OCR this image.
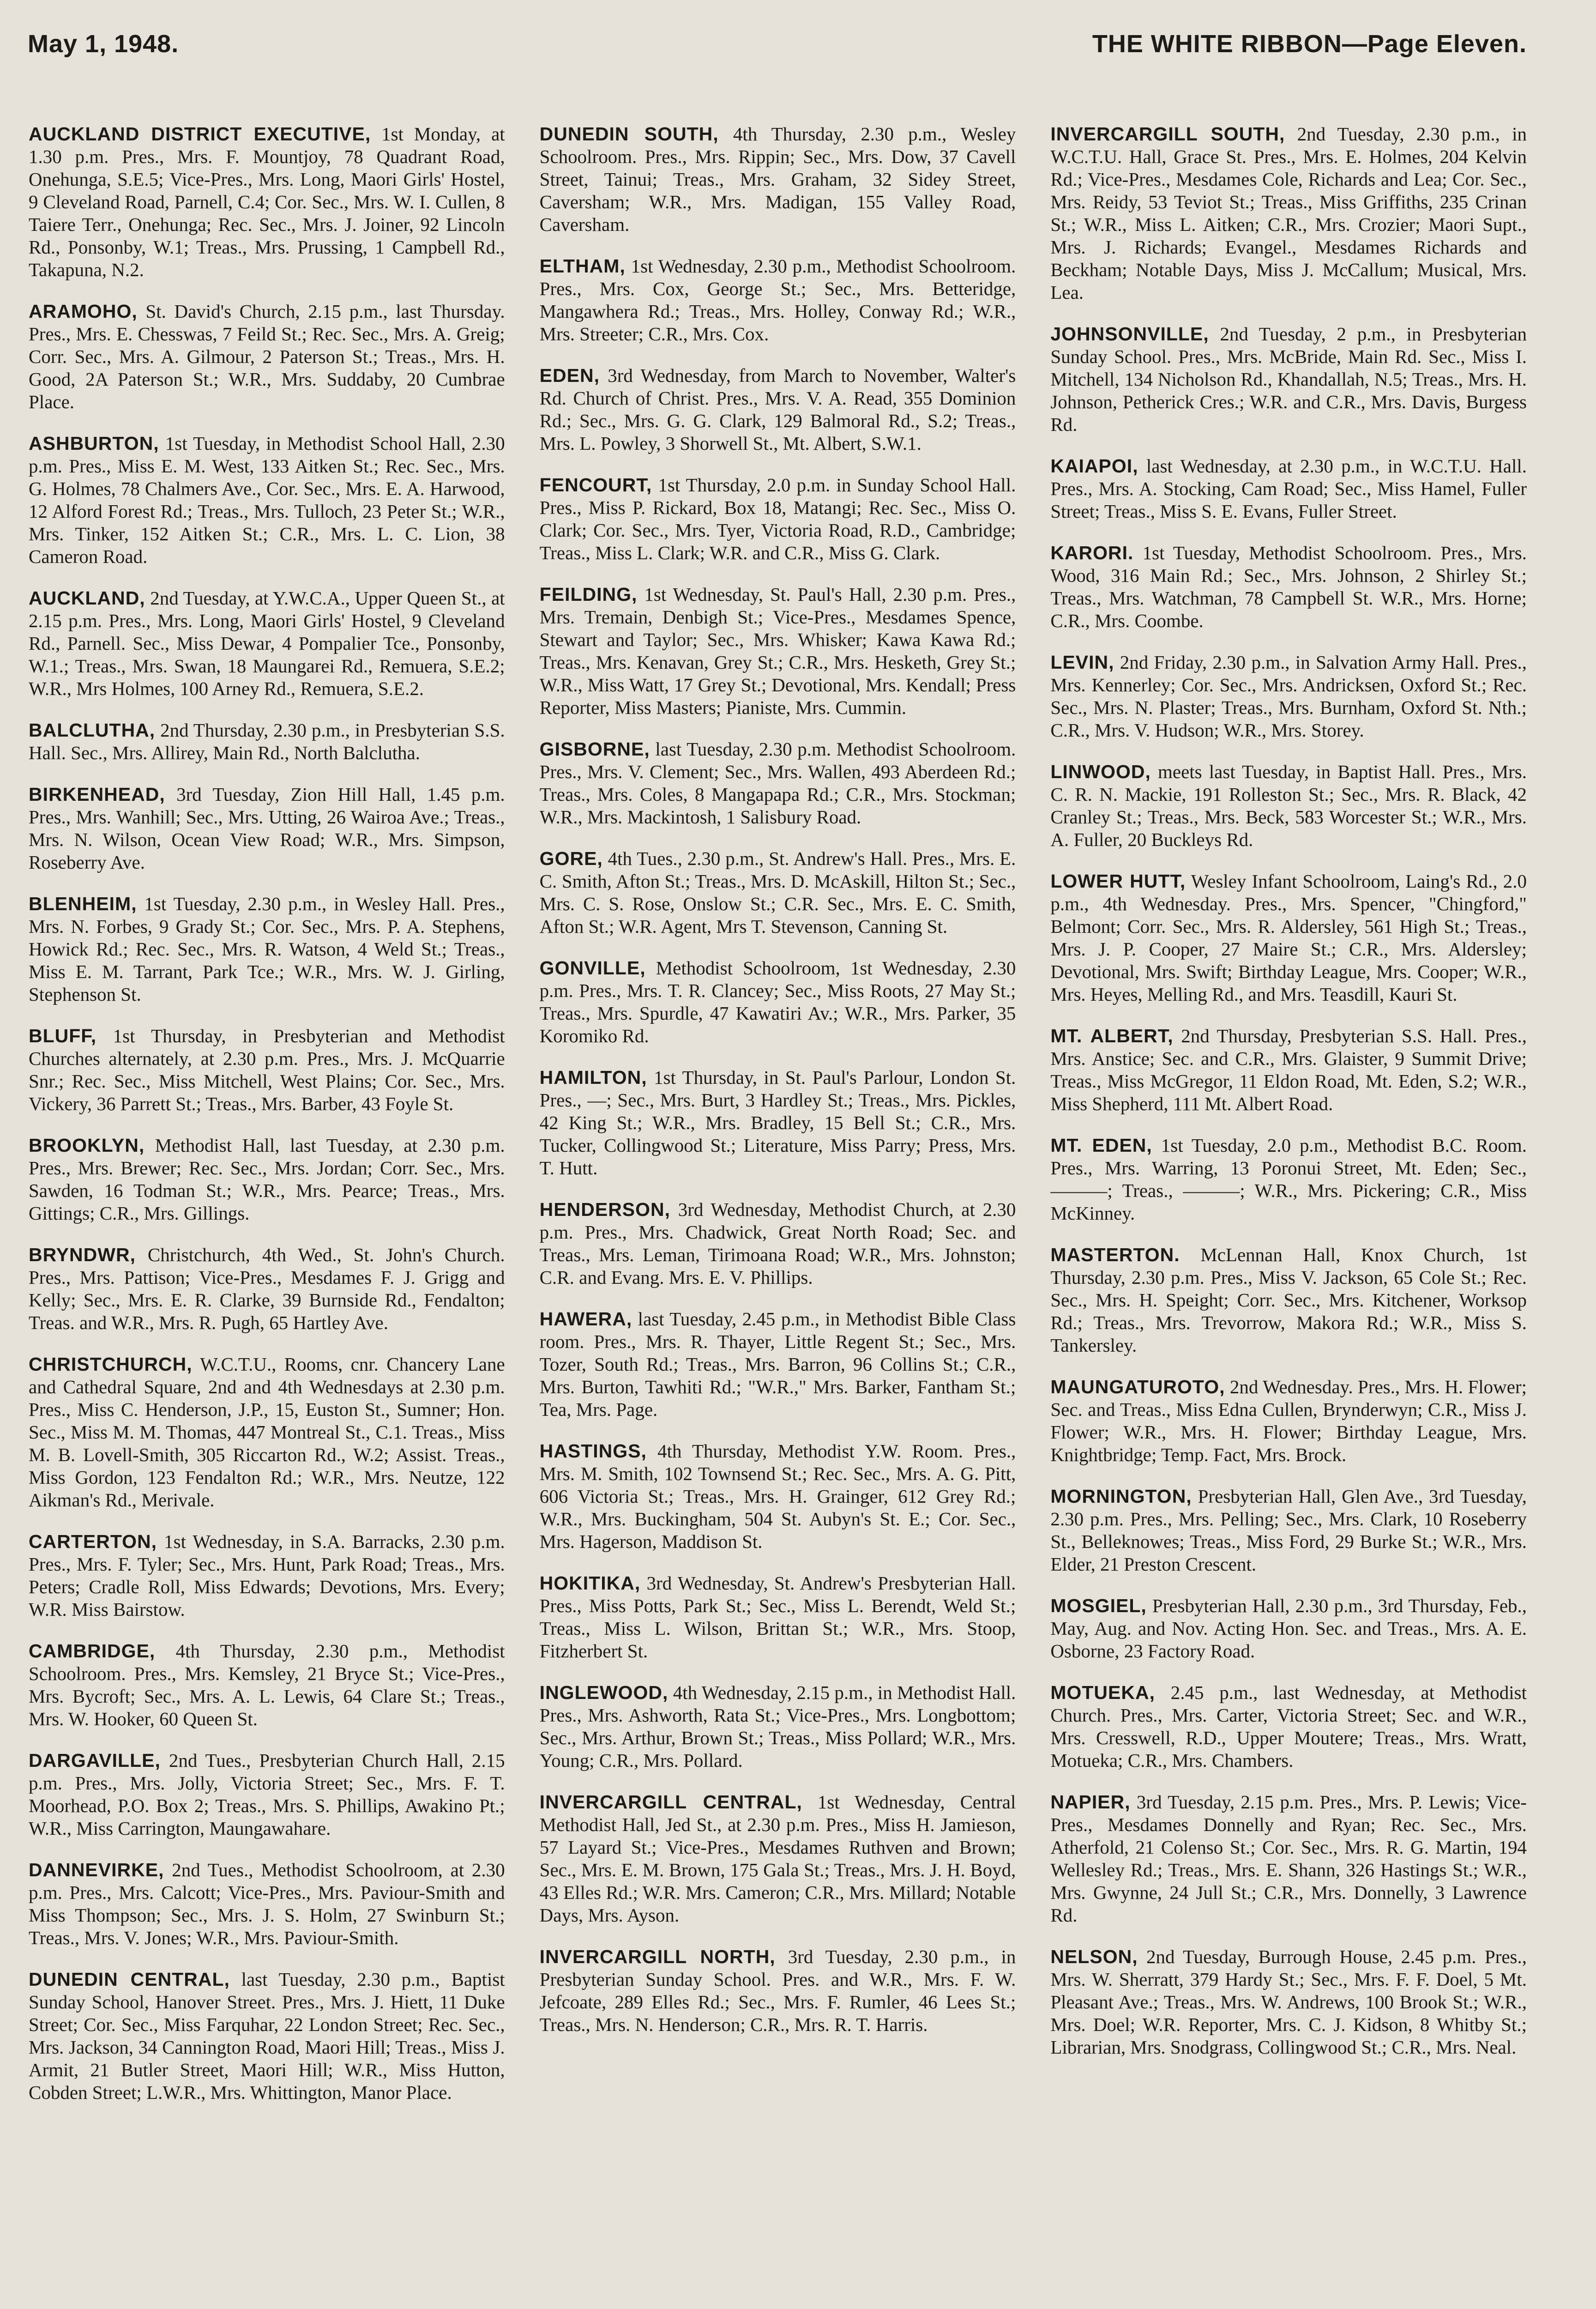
May 1, 1948.	THE WHITE RIBBON—Page Eleven.

AUCKLAND DISTRICT EXECUTIVE, 1st Monday, at 1.30 p.m. Pres., Mrs. F. Mountjoy, 78 Quadrant Road, Onehunga, S.E.5; Vice-Pres., Mrs. Long, Maori Girls' Hostel, 9 Cleveland Road, Parnell, C.4; Cor. Sec., Mrs. W. I. Cullen, 8 Taiere Terr., Onehunga; Rec. Sec., Mrs. J. Joiner, 92 Lincoln Rd., Ponsonby, W.1; Treas., Mrs. Prussing, 1 Campbell Rd., Takapuna, N.2.

ARAMOHO, St. David's Church, 2.15 p.m., last Thursday. Pres., Mrs. E. Chesswas, 7 Feild St.; Rec. Sec., Mrs. A. Greig; Corr. Sec., Mrs. A. Gilmour, 2 Paterson St.; Treas., Mrs. H. Good, 2A Paterson St.; W.R., Mrs. Suddaby, 20 Cumbrae Place.

ASHBURTON, 1st Tuesday, in Methodist School Hall, 2.30 p.m. Pres., Miss E. M. West, 133 Aitken St.; Rec. Sec., Mrs. G. Holmes, 78 Chalmers Ave., Cor. Sec., Mrs. E. A. Harwood, 12 Alford Forest Rd.; Treas., Mrs. Tulloch, 23 Peter St.; W.R., Mrs. Tinker, 152 Aitken St.; C.R., Mrs. L. C. Lion, 38 Cameron Road.

AUCKLAND, 2nd Tuesday, at Y.W.C.A., Upper Queen St., at 2.15 p.m. Pres., Mrs. Long, Maori Girls' Hostel, 9 Cleveland Rd., Parnell. Sec., Miss Dewar, 4 Pompalier Tce., Ponsonby, W.1.; Treas., Mrs. Swan, 18 Maungarei Rd., Remuera, S.E.2; W.R., Mrs Holmes, 100 Arney Rd., Remuera, S.E.2.

BALCLUTHA, 2nd Thursday, 2.30 p.m., in Presbyterian S.S. Hall. Sec., Mrs. Allirey, Main Rd., North Balclutha.

BIRKENHEAD, 3rd Tuesday, Zion Hill Hall, 1.45 p.m. Pres., Mrs. Wanhill; Sec., Mrs. Utting, 26 Wairoa Ave.; Treas., Mrs. N. Wilson, Ocean View Road; W.R., Mrs. Simpson, Roseberry Ave.

BLENHEIM, 1st Tuesday, 2.30 p.m., in Wesley Hall. Pres., Mrs. N. Forbes, 9 Grady St.; Cor. Sec., Mrs. P. A. Stephens, Howick Rd.; Rec. Sec., Mrs. R. Watson, 4 Weld St.; Treas., Miss E. M. Tarrant, Park Tce.; W.R., Mrs. W. J. Girling, Stephenson St.

BLUFF, 1st Thursday, in Presbyterian and Methodist Churches alternately, at 2.30 p.m. Pres., Mrs. J. McQuarrie Snr.; Rec. Sec., Miss Mitchell, West Plains; Cor. Sec., Mrs. Vickery, 36 Parrett St.; Treas., Mrs. Barber, 43 Foyle St.

BROOKLYN, Methodist Hall, last Tuesday, at 2.30 p.m. Pres., Mrs. Brewer; Rec. Sec., Mrs. Jordan; Corr. Sec., Mrs. Sawden, 16 Todman St.; W.R., Mrs. Pearce; Treas., Mrs. Gittings; C.R., Mrs. Gillings.

BRYNDWR, Christchurch, 4th Wed., St. John's Church. Pres., Mrs. Pattison; Vice-Pres., Mesdames F. J. Grigg and Kelly; Sec., Mrs. E. R. Clarke, 39 Burnside Rd., Fendalton; Treas. and W.R., Mrs. R. Pugh, 65 Hartley Ave.

CHRISTCHURCH, W.C.T.U., Rooms, cnr. Chancery Lane and Cathedral Square, 2nd and 4th Wednesdays at 2.30 p.m. Pres., Miss C. Henderson, J.P., 15, Euston St., Sumner; Hon. Sec., Miss M. M. Thomas, 447 Montreal St., C.1. Treas., Miss M. B. Lovell-Smith, 305 Riccarton Rd., W.2; Assist. Treas., Miss Gordon, 123 Fendalton Rd.; W.R., Mrs. Neutze, 122 Aikman's Rd., Merivale.

CARTERTON, 1st Wednesday, in S.A. Barracks, 2.30 p.m. Pres., Mrs. F. Tyler; Sec., Mrs. Hunt, Park Road; Treas., Mrs. Peters; Cradle Roll, Miss Edwards; Devotions, Mrs. Every; W.R. Miss Bairstow.

CAMBRIDGE, 4th Thursday, 2.30 p.m., Methodist Schoolroom. Pres., Mrs. Kemsley, 21 Bryce St.; Vice-Pres., Mrs. Bycroft; Sec., Mrs. A. L. Lewis, 64 Clare St.; Treas., Mrs. W. Hooker, 60 Queen St.

DARGAVILLE, 2nd Tues., Presbyterian Church Hall, 2.15 p.m. Pres., Mrs. Jolly, Victoria Street; Sec., Mrs. F. T. Moorhead, P.O. Box 2; Treas., Mrs. S. Phillips, Awakino Pt.; W.R., Miss Carrington, Maungawahare.

DANNEVIRKE, 2nd Tues., Methodist Schoolroom, at 2.30 p.m. Pres., Mrs. Calcott; Vice-Pres., Mrs. Paviour-Smith and Miss Thompson; Sec., Mrs. J. S. Holm, 27 Swinburn St.; Treas., Mrs. V. Jones; W.R., Mrs. Paviour-Smith.

DUNEDIN CENTRAL, last Tuesday, 2.30 p.m., Baptist Sunday School, Hanover Street. Pres., Mrs. J. Hiett, 11 Duke Street; Cor. Sec., Miss Farquhar, 22 London Street; Rec. Sec., Mrs. Jackson, 34 Cannington Road, Maori Hill; Treas., Miss J. Armit, 21 Butler Street, Maori Hill; W.R., Miss Hutton, Cobden Street; L.W.R., Mrs. Whittington, Manor Place.

DUNEDIN SOUTH, 4th Thursday, 2.30 p.m., Wesley Schoolroom. Pres., Mrs. Rippin; Sec., Mrs. Dow, 37 Cavell Street, Tainui; Treas., Mrs. Graham, 32 Sidey Street, Caversham; W.R., Mrs. Madigan, 155 Valley Road, Caversham.

ELTHAM, 1st Wednesday, 2.30 p.m., Methodist Schoolroom. Pres., Mrs. Cox, George St.; Sec., Mrs. Betteridge, Mangawhera Rd.; Treas., Mrs. Holley, Conway Rd.; W.R., Mrs. Streeter; C.R., Mrs. Cox.

EDEN, 3rd Wednesday, from March to November, Walter's Rd. Church of Christ. Pres., Mrs. V. A. Read, 355 Dominion Rd.; Sec., Mrs. G. G. Clark, 129 Balmoral Rd., S.2; Treas., Mrs. L. Powley, 3 Shorwell St., Mt. Albert, S.W.1.

FENCOURT, 1st Thursday, 2.0 p.m. in Sunday School Hall. Pres., Miss P. Rickard, Box 18, Matangi; Rec. Sec., Miss O. Clark; Cor. Sec., Mrs. Tyer, Victoria Road, R.D., Cambridge; Treas., Miss L. Clark; W.R. and C.R., Miss G. Clark.

FEILDING, 1st Wednesday, St. Paul's Hall, 2.30 p.m. Pres., Mrs. Tremain, Denbigh St.; Vice-Pres., Mesdames Spence, Stewart and Taylor; Sec., Mrs. Whisker; Kawa Kawa Rd.; Treas., Mrs. Kenavan, Grey St.; C.R., Mrs. Hesketh, Grey St.; W.R., Miss Watt, 17 Grey St.; Devotional, Mrs. Kendall; Press Reporter, Miss Masters; Pianiste, Mrs. Cummin.

GISBORNE, last Tuesday, 2.30 p.m. Methodist Schoolroom. Pres., Mrs. V. Clement; Sec., Mrs. Wallen, 493 Aberdeen Rd.; Treas., Mrs. Coles, 8 Mangapapa Rd.; C.R., Mrs. Stockman; W.R., Mrs. Mackintosh, 1 Salisbury Road.

GORE, 4th Tues., 2.30 p.m., St. Andrew's Hall. Pres., Mrs. E. C. Smith, Afton St.; Treas., Mrs. D. McAskill, Hilton St.; Sec., Mrs. C. S. Rose, Onslow St.; C.R. Sec., Mrs. E. C. Smith, Afton St.; W.R. Agent, Mrs T. Stevenson, Canning St.

GONVILLE, Methodist Schoolroom, 1st Wednesday, 2.30 p.m. Pres., Mrs. T. R. Clancey; Sec., Miss Roots, 27 May St.; Treas., Mrs. Spurdle, 47 Kawatiri Av.; W.R., Mrs. Parker, 35 Koromiko Rd.

HAMILTON, 1st Thursday, in St. Paul's Parlour, London St. Pres., —; Sec., Mrs. Burt, 3 Hardley St.; Treas., Mrs. Pickles, 42 King St.; W.R., Mrs. Bradley, 15 Bell St.; C.R., Mrs. Tucker, Collingwood St.; Literature, Miss Parry; Press, Mrs. T. Hutt.

HENDERSON, 3rd Wednesday, Methodist Church, at 2.30 p.m. Pres., Mrs. Chadwick, Great North Road; Sec. and Treas., Mrs. Leman, Tirimoana Road; W.R., Mrs. Johnston; C.R. and Evang. Mrs. E. V. Phillips.

HAWERA, last Tuesday, 2.45 p.m., in Methodist Bible Class room. Pres., Mrs. R. Thayer, Little Regent St.; Sec., Mrs. Tozer, South Rd.; Treas., Mrs. Barron, 96 Collins St.; C.R., Mrs. Burton, Tawhiti Rd.; "W.R.," Mrs. Barker, Fantham St.; Tea, Mrs. Page.

HASTINGS, 4th Thursday, Methodist Y.W. Room. Pres., Mrs. M. Smith, 102 Townsend St.; Rec. Sec., Mrs. A. G. Pitt, 606 Victoria St.; Treas., Mrs. H. Grainger, 612 Grey Rd.; W.R., Mrs. Buckingham, 504 St. Aubyn's St. E.; Cor. Sec., Mrs. Hagerson, Maddison St.

HOKITIKA, 3rd Wednesday, St. Andrew's Presbyterian Hall. Pres., Miss Potts, Park St.; Sec., Miss L. Berendt, Weld St.; Treas., Miss L. Wilson, Brittan St.; W.R., Mrs. Stoop, Fitzherbert St.

INGLEWOOD, 4th Wednesday, 2.15 p.m., in Methodist Hall. Pres., Mrs. Ashworth, Rata St.; Vice-Pres., Mrs. Longbottom; Sec., Mrs. Arthur, Brown St.; Treas., Miss Pollard; W.R., Mrs. Young; C.R., Mrs. Pollard.

INVERCARGILL CENTRAL, 1st Wednesday, Central Methodist Hall, Jed St., at 2.30 p.m. Pres., Miss H. Jamieson, 57 Layard St.; Vice-Pres., Mesdames Ruthven and Brown; Sec., Mrs. E. M. Brown, 175 Gala St.; Treas., Mrs. J. H. Boyd, 43 Elles Rd.; W.R. Mrs. Cameron; C.R., Mrs. Millard; Notable Days, Mrs. Ayson.

INVERCARGILL NORTH, 3rd Tuesday, 2.30 p.m., in Presbyterian Sunday School. Pres. and W.R., Mrs. F. W. Jefcoate, 289 Elles Rd.; Sec., Mrs. F. Rumler, 46 Lees St.; Treas., Mrs. N. Henderson; C.R., Mrs. R. T. Harris.

INVERCARGILL SOUTH, 2nd Tuesday, 2.30 p.m., in W.C.T.U. Hall, Grace St. Pres., Mrs. E. Holmes, 204 Kelvin Rd.; Vice-Pres., Mesdames Cole, Richards and Lea; Cor. Sec., Mrs. Reidy, 53 Teviot St.; Treas., Miss Griffiths, 235 Crinan St.; W.R., Miss L. Aitken; C.R., Mrs. Crozier; Maori Supt., Mrs. J. Richards; Evangel., Mesdames Richards and Beckham; Notable Days, Miss J. McCallum; Musical, Mrs. Lea.

JOHNSONVILLE, 2nd Tuesday, 2 p.m., in Presbyterian Sunday School. Pres., Mrs. McBride, Main Rd. Sec., Miss I. Mitchell, 134 Nicholson Rd., Khandallah, N.5; Treas., Mrs. H. Johnson, Petherick Cres.; W.R. and C.R., Mrs. Davis, Burgess Rd.

KAIAPOI, last Wednesday, at 2.30 p.m., in W.C.T.U. Hall. Pres., Mrs. A. Stocking, Cam Road; Sec., Miss Hamel, Fuller Street; Treas., Miss S. E. Evans, Fuller Street.

KARORI. 1st Tuesday, Methodist Schoolroom. Pres., Mrs. Wood, 316 Main Rd.; Sec., Mrs. Johnson, 2 Shirley St.; Treas., Mrs. Watchman, 78 Campbell St. W.R., Mrs. Horne; C.R., Mrs. Coombe.

LEVIN, 2nd Friday, 2.30 p.m., in Salvation Army Hall. Pres., Mrs. Kennerley; Cor. Sec., Mrs. Andricksen, Oxford St.; Rec. Sec., Mrs. N. Plaster; Treas., Mrs. Burnham, Oxford St. Nth.; C.R., Mrs. V. Hudson; W.R., Mrs. Storey.

LINWOOD, meets last Tuesday, in Baptist Hall. Pres., Mrs. C. R. N. Mackie, 191 Rolleston St.; Sec., Mrs. R. Black, 42 Cranley St.; Treas., Mrs. Beck, 583 Worcester St.; W.R., Mrs. A. Fuller, 20 Buckleys Rd.

LOWER HUTT, Wesley Infant Schoolroom, Laing's Rd., 2.0 p.m., 4th Wednesday. Pres., Mrs. Spencer, "Chingford," Belmont; Corr. Sec., Mrs. R. Aldersley, 561 High St.; Treas., Mrs. J. P. Cooper, 27 Maire St.; C.R., Mrs. Aldersley; Devotional, Mrs. Swift; Birthday League, Mrs. Cooper; W.R., Mrs. Heyes, Melling Rd., and Mrs. Teasdill, Kauri St.

MT. ALBERT, 2nd Thursday, Presbyterian S.S. Hall. Pres., Mrs. Anstice; Sec. and C.R., Mrs. Glaister, 9 Summit Drive; Treas., Miss McGregor, 11 Eldon Road, Mt. Eden, S.2; W.R., Miss Shepherd, 111 Mt. Albert Road.

MT. EDEN, 1st Tuesday, 2.0 p.m., Methodist B.C. Room. Pres., Mrs. Warring, 13 Poronui Street, Mt. Eden; Sec., ———; Treas., ———; W.R., Mrs. Pickering; C.R., Miss McKinney.

MASTERTON. McLennan Hall, Knox Church, 1st Thursday, 2.30 p.m. Pres., Miss V. Jackson, 65 Cole St.; Rec. Sec., Mrs. H. Speight; Corr. Sec., Mrs. Kitchener, Worksop Rd.; Treas., Mrs. Trevorrow, Makora Rd.; W.R., Miss S. Tankersley.

MAUNGATUROTO, 2nd Wednesday. Pres., Mrs. H. Flower; Sec. and Treas., Miss Edna Cullen, Brynderwyn; C.R., Miss J. Flower; W.R., Mrs. H. Flower; Birthday League, Mrs. Knightbridge; Temp. Fact, Mrs. Brock.

MORNINGTON, Presbyterian Hall, Glen Ave., 3rd Tuesday, 2.30 p.m. Pres., Mrs. Pelling; Sec., Mrs. Clark, 10 Roseberry St., Belleknowes; Treas., Miss Ford, 29 Burke St.; W.R., Mrs. Elder, 21 Preston Crescent.

MOSGIEL, Presbyterian Hall, 2.30 p.m., 3rd Thursday, Feb., May, Aug. and Nov. Acting Hon. Sec. and Treas., Mrs. A. E. Osborne, 23 Factory Road.

MOTUEKA, 2.45 p.m., last Wednesday, at Methodist Church. Pres., Mrs. Carter, Victoria Street; Sec. and W.R., Mrs. Cresswell, R.D., Upper Moutere; Treas., Mrs. Wratt, Motueka; C.R., Mrs. Chambers.

NAPIER, 3rd Tuesday, 2.15 p.m. Pres., Mrs. P. Lewis; Vice-Pres., Mesdames Donnelly and Ryan; Rec. Sec., Mrs. Atherfold, 21 Colenso St.; Cor. Sec., Mrs. R. G. Martin, 194 Wellesley Rd.; Treas., Mrs. E. Shann, 326 Hastings St.; W.R., Mrs. Gwynne, 24 Jull St.; C.R., Mrs. Donnelly, 3 Lawrence Rd.

NELSON, 2nd Tuesday, Burrough House, 2.45 p.m. Pres., Mrs. W. Sherratt, 379 Hardy St.; Sec., Mrs. F. F. Doel, 5 Mt. Pleasant Ave.; Treas., Mrs. W. Andrews, 100 Brook St.; W.R., Mrs. Doel; W.R. Reporter, Mrs. C. J. Kidson, 8 Whitby St.; Librarian, Mrs. Snodgrass, Collingwood St.; C.R., Mrs. Neal.
